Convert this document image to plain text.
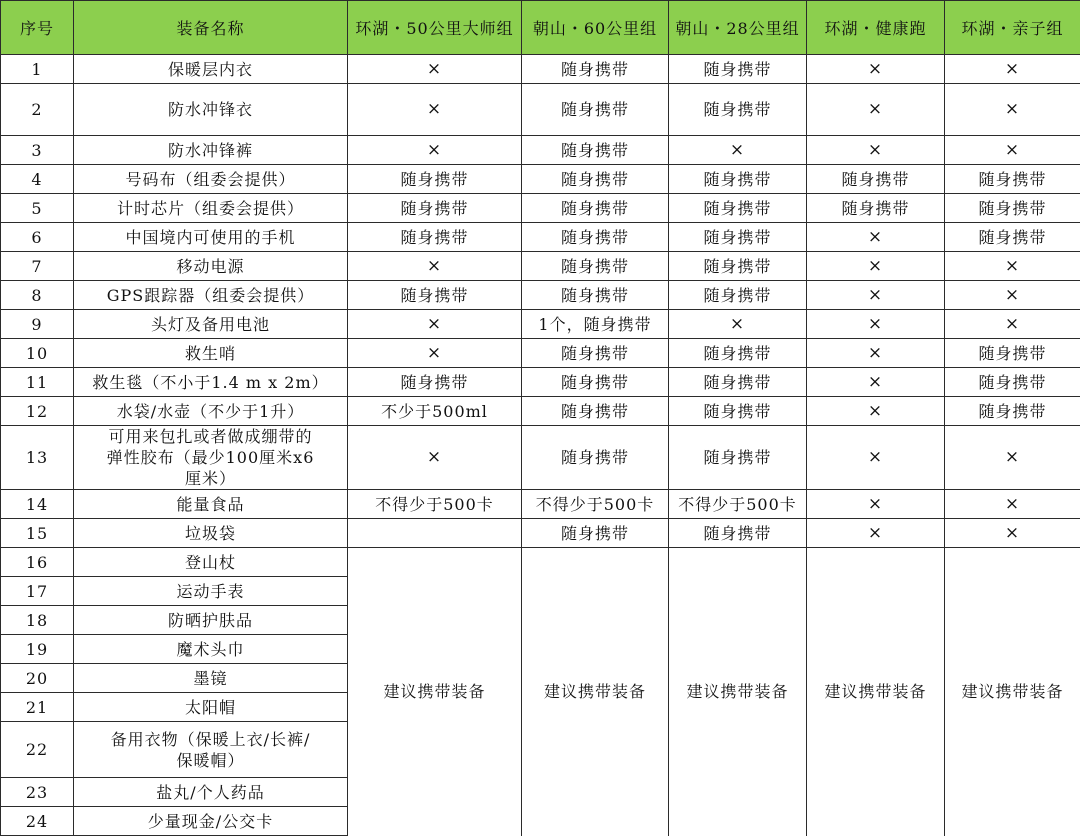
序号	装备名称	环湖・50公里大师组	朝山・60公里组	朝山・28公里组	环湖・健康跑	环湖・亲子组
1	保暖层内衣	×	随身携带	随身携带	×	×
2	防水冲锋衣	×	随身携带	随身携带	×	×
3	防水冲锋裤	×	随身携带	×	×	×
4	号码布（组委会提供）	随身携带	随身携带	随身携带	随身携带	随身携带
5	计时芯片（组委会提供）	随身携带	随身携带	随身携带	随身携带	随身携带
6	中国境内可使用的手机	随身携带	随身携带	随身携带	×	随身携带
7	移动电源	×	随身携带	随身携带	×	×
8	GPS跟踪器（组委会提供）	随身携带	随身携带	随身携带	×	×
9	头灯及备用电池	×	1个，随身携带	×	×	×
10	救生哨	×	随身携带	随身携带	×	随身携带
11	救生毯（不小于1.4 m x 2m）	随身携带	随身携带	随身携带	×	随身携带
12	水袋/水壶（不少于1升）	不少于500ml	随身携带	随身携带	×	随身携带
13	可用来包扎或者做成绷带的弹性胶布（最少100厘米x6厘米）	×	随身携带	随身携带	×	×
14	能量食品	不得少于500卡	不得少于500卡	不得少于500卡	×	×
15	垃圾袋		随身携带	随身携带	×	×
16	登山杖	建议携带装备	建议携带装备	建议携带装备	建议携带装备	建议携带装备
17	运动手表					
18	防晒护肤品					
19	魔术头巾					
20	墨镜					
21	太阳帽					
22	备用衣物（保暖上衣/长裤/保暖帽）					
23	盐丸/个人药品					
24	少量现金/公交卡					
